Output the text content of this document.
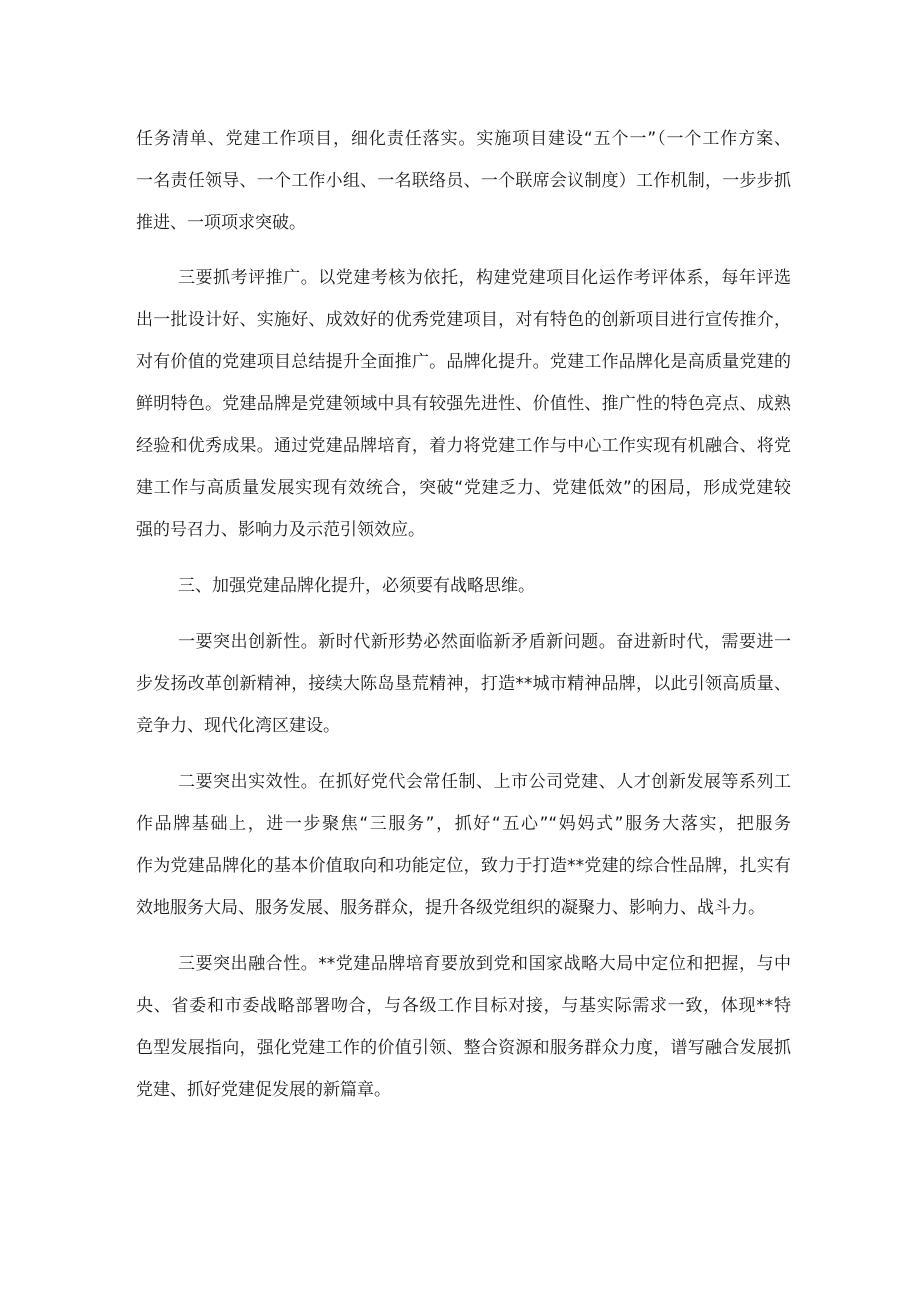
任务清单、党建工作项目，细化责任落实。实施项目建设“五个一”（一个工作方案、
一名责任领导、一个工作小组、一名联络员、一个联席会议制度）工作机制，一步步抓
推进、一项项求突破。
三要抓考评推广。以党建考核为依托，构建党建项目化运作考评体系，每年评选
出一批设计好、实施好、成效好的优秀党建项目，对有特色的创新项目进行宣传推介，
对有价值的党建项目总结提升全面推广。品牌化提升。党建工作品牌化是高质量党建的
鲜明特色。党建品牌是党建领域中具有较强先进性、价值性、推广性的特色亮点、成熟
经验和优秀成果。通过党建品牌培育，着力将党建工作与中心工作实现有机融合、将党
建工作与高质量发展实现有效统合，突破“党建乏力、党建低效”的困局，形成党建较
强的号召力、影响力及示范引领效应。
三、加强党建品牌化提升，必须要有战略思维。
一要突出创新性。新时代新形势必然面临新矛盾新问题。奋进新时代，需要进一
步发扬改革创新精神，接续大陈岛垦荒精神，打造**城市精神品牌，以此引领高质量、
竞争力、现代化湾区建设。
二要突出实效性。在抓好党代会常任制、上市公司党建、人才创新发展等系列工
作品牌基础上，进一步聚焦“三服务”，抓好“五心”“妈妈式”服务大落实，把服务
作为党建品牌化的基本价值取向和功能定位，致力于打造**党建的综合性品牌，扎实有
效地服务大局、服务发展、服务群众，提升各级党组织的凝聚力、影响力、战斗力。
三要突出融合性。**党建品牌培育要放到党和国家战略大局中定位和把握，与中
央、省委和市委战略部署吻合，与各级工作目标对接，与基实际需求一致，体现**特
色型发展指向，强化党建工作的价值引领、整合资源和服务群众力度，谱写融合发展抓
党建、抓好党建促发展的新篇章。
